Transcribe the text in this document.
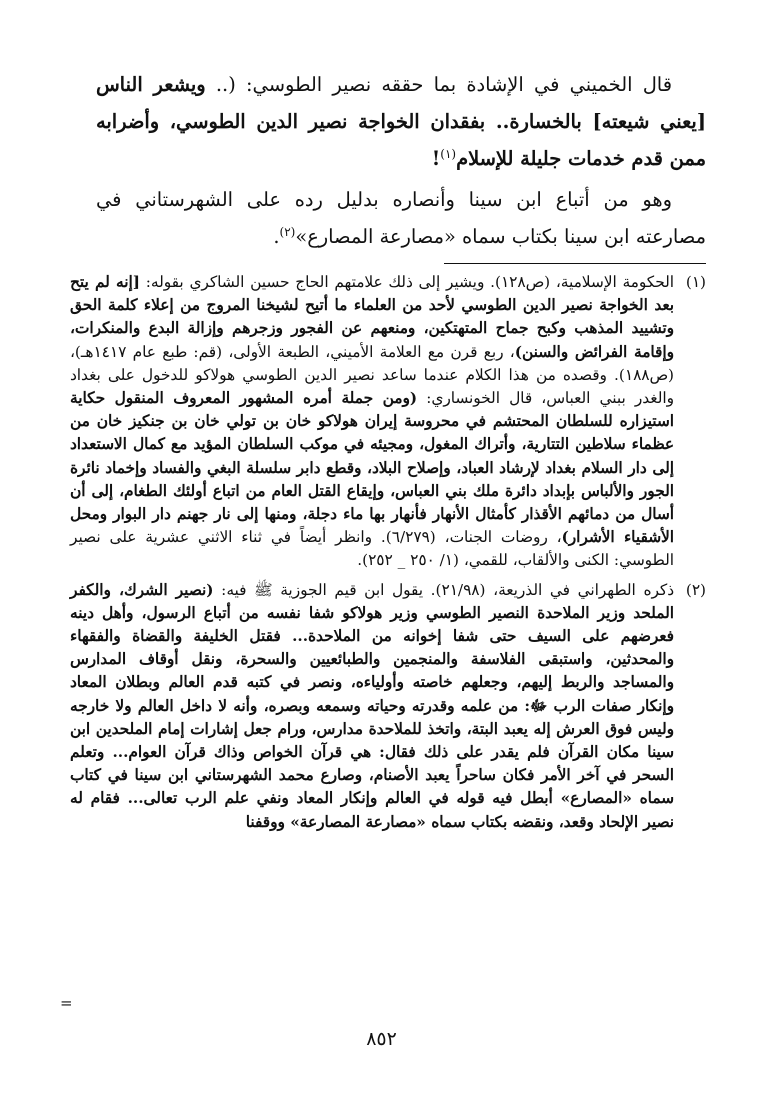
قال الخميني في الإشادة بما حققه نصير الطوسي: (.. ويشعر الناس [يعني شيعته] بالخسارة.. بفقدان الخواجة نصير الدين الطوسي، وأضرابه ممن قدم خدمات جليلة للإسلام$^{(١)}$!

وهو من أتباع ابن سينا وأنصاره بدليل رده على الشهرستاني في مصارعته ابن سينا بكتاب سماه «مصارعة المصارع»$^{(٢)}$.

(١)
الحكومة الإسلامية، (ص١٢٨). ويشير إلى ذلك علامتهم الحاج حسين الشاكري بقوله: [إنه لم يتح بعد الخواجة نصير الدين الطوسي لأحد من العلماء ما أتيح لشيخنا المروج من إعلاء كلمة الحق وتشييد المذهب وكبح جماح المتهتكين، ومنعهم عن الفجور وزجرهم وإزالة البدع والمنكرات، وإقامة الفرائض والسنن)، ربع قرن مع العلامة الأميني، الطبعة الأولى، (قم: طبع عام ١٤١٧هـ)، (ص١٨٨). وقصده من هذا الكلام عندما ساعد نصير الدين الطوسي هولاكو للدخول على بغداد والغدر ببني العباس، قال الخونساري: (ومن جملة أمره المشهور المعروف المنقول حكاية استيزاره للسلطان المحتشم في محروسة إيران هولاكو خان بن تولي خان بن جنكيز خان من عظماء سلاطين التتارية، وأتراك المغول، ومجيئه في موكب السلطان المؤيد مع كمال الاستعداد إلى دار السلام بغداد لإرشاد العباد، وإصلاح البلاد، وقطع دابر سلسلة البغي والفساد وإخماد نائرة الجور والألباس بإبداد دائرة ملك بني العباس، وإيقاع القتل العام من اتباع أولئك الطغام، إلى أن أسال من دمائهم الأقذار كأمثال الأنهار فأنهار بها ماء دجلة، ومنها إلى نار جهنم دار البوار ومحل الأشقياء الأشرار)، روضات الجنات، (٦/٢٧٩). وانظر أيضاً في ثناء الاثني عشرية على نصير الطوسي: الكنى والألقاب، للقمي، (١/ ٢٥٠ _ ٢٥٢).
(٢)
ذكره الطهراني في الذريعة، (٢١/٩٨). يقول ابن قيم الجوزية ﷺ فيه: (نصير الشرك، والكفر الملحد وزير الملاحدة النصير الطوسي وزير هولاكو شفا نفسه من أتباع الرسول، وأهل دينه فعرضهم على السيف حتى شفا إخوانه من الملاحدة... فقتل الخليفة والقضاة والفقهاء والمحدثين، واستبقى الفلاسفة والمنجمين والطبائعيين والسحرة، ونقل أوقاف المدارس والمساجد والربط إليهم، وجعلهم خاصته وأولياءه، ونصر في كتبه قدم العالم وبطلان المعاد وإنكار صفات الرب ﷻ: من علمه وقدرته وحياته وسمعه وبصره، وأنه لا داخل العالم ولا خارجه وليس فوق العرش إله يعبد البتة، واتخذ للملاحدة مدارس، ورام جعل إشارات إمام الملحدين ابن سينا مكان القرآن فلم يقدر على ذلك فقال: هي قرآن الخواص وذاك قرآن العوام... وتعلم السحر في آخر الأمر فكان ساحراً يعبد الأصنام، وصارع محمد الشهرستاني ابن سينا في كتاب سماه «المصارع» أبطل فيه قوله في العالم وإنكار المعاد ونفي علم الرب تعالى... فقام له نصير الإلحاد وقعد، ونقضه بكتاب سماه «مصارعة المصارعة» ووقفنا
=
٨٥٢
